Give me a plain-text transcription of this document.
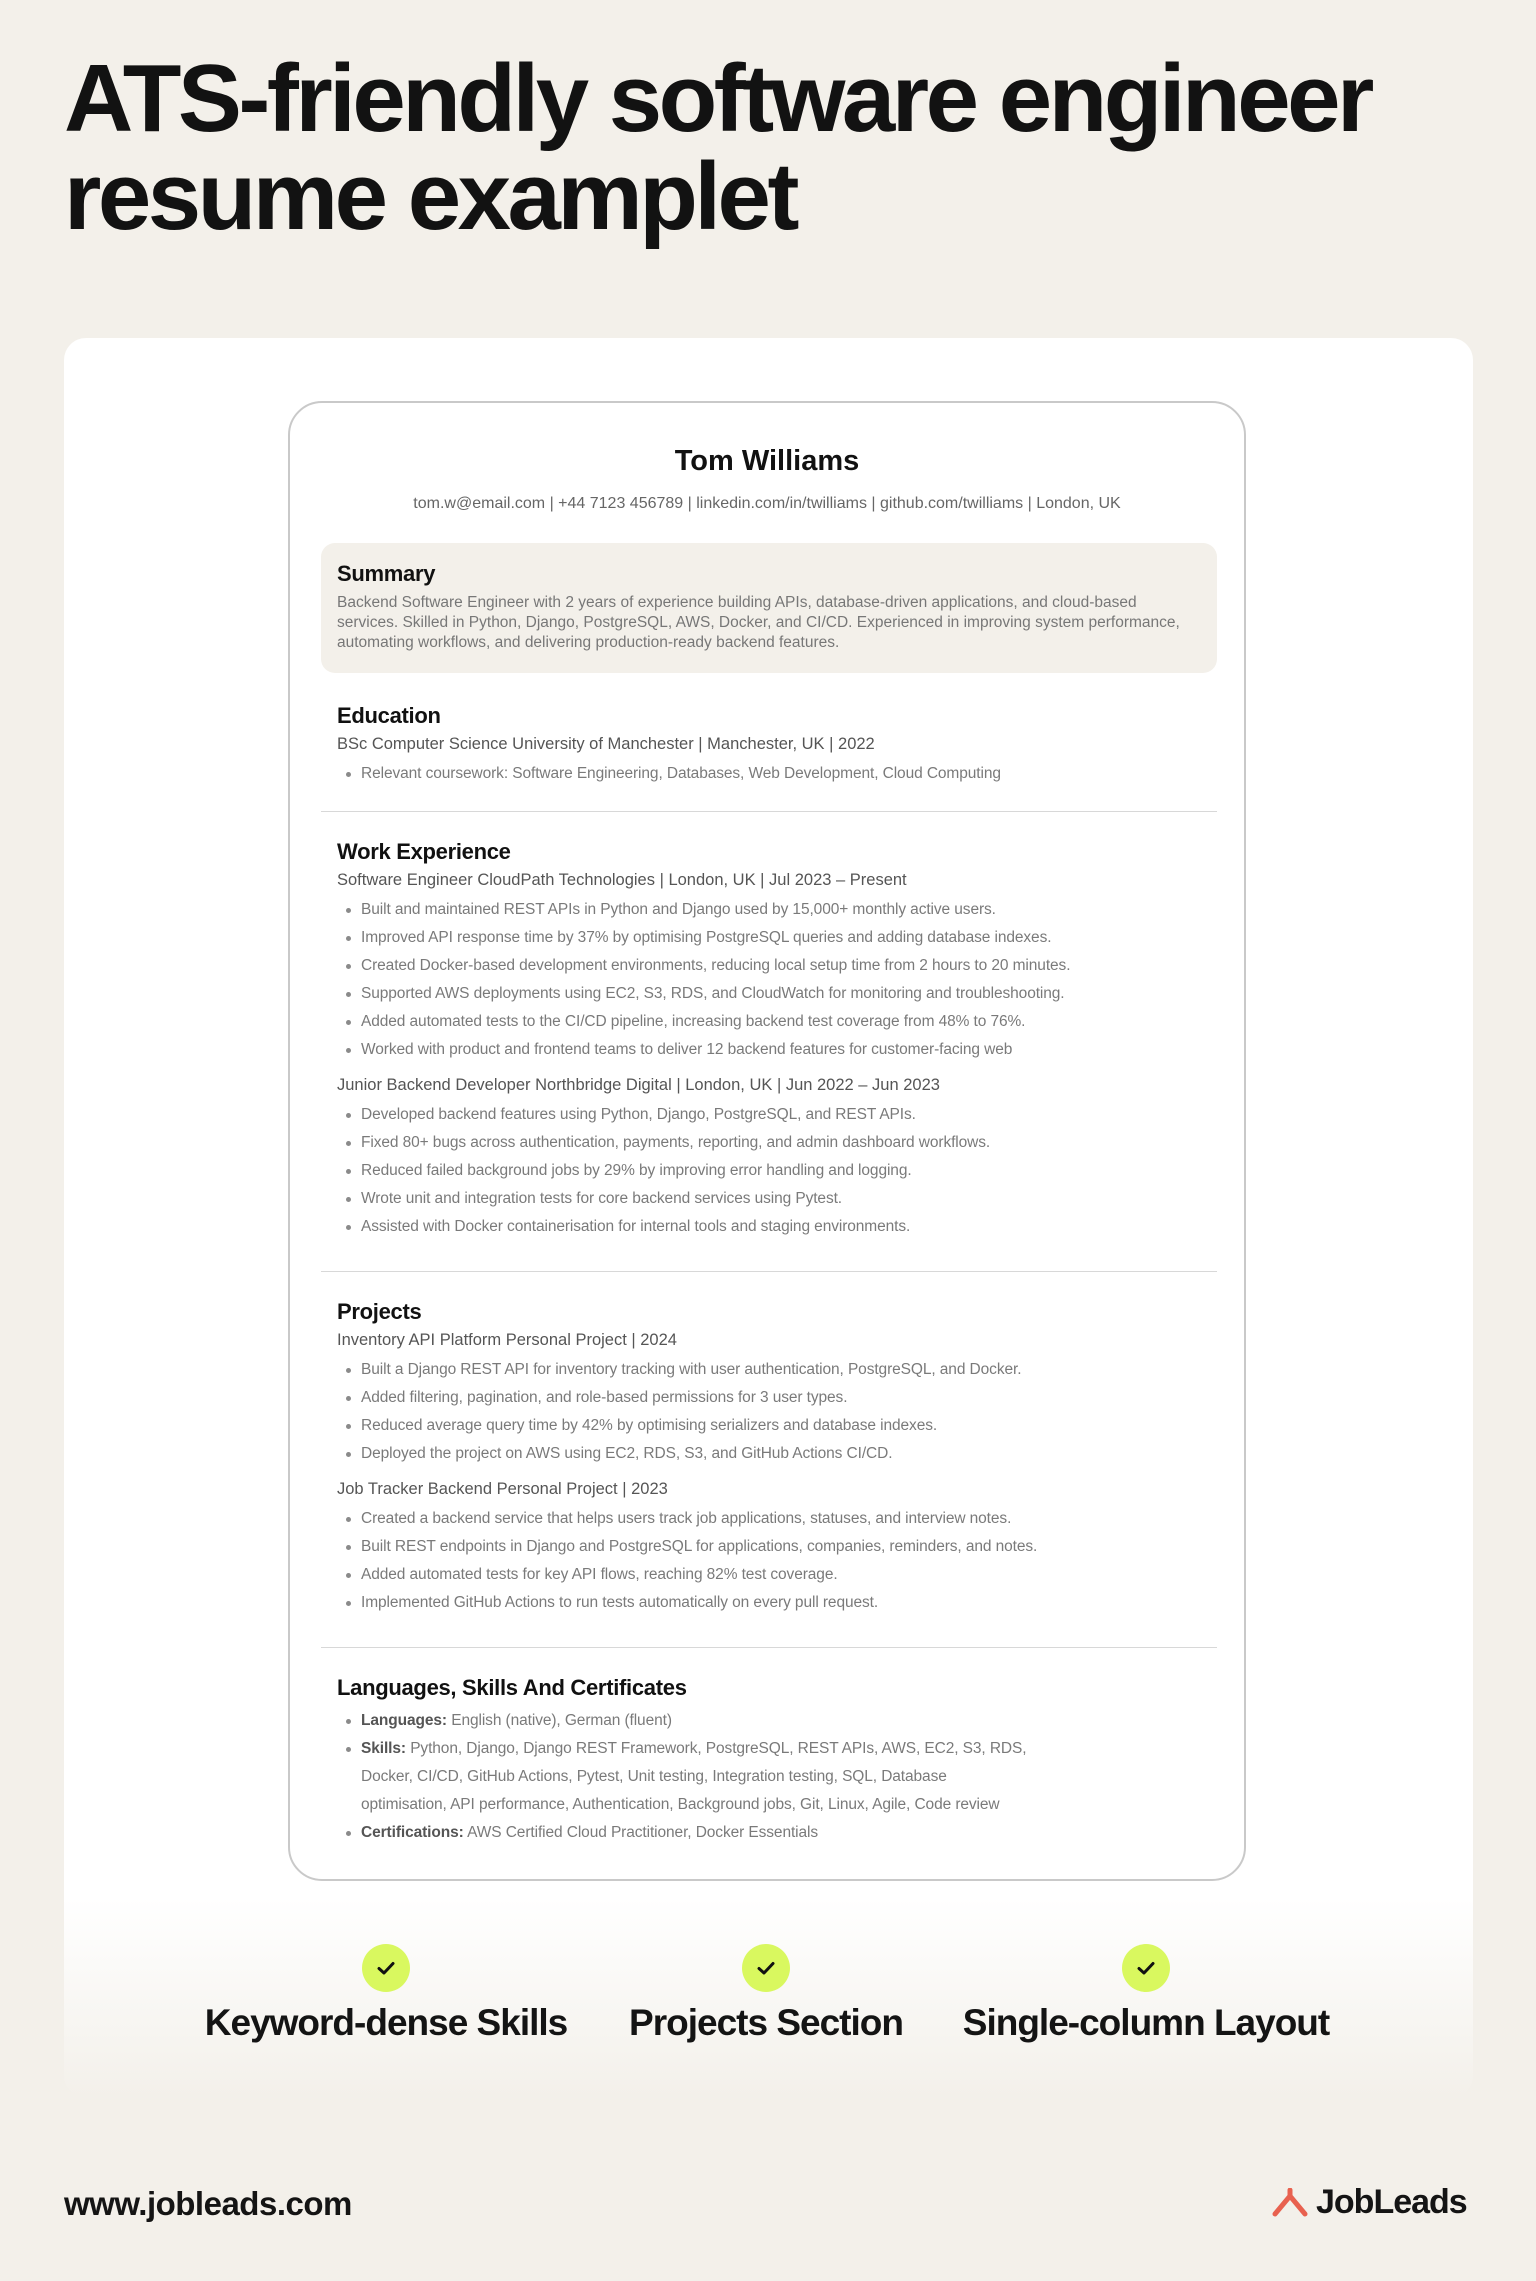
ATS-friendly software engineer
resume examplet
Tom Williams
tom.w@email.com | +44 7123 456789 | linkedin.com/in/twilliams | github.com/twilliams | London, UK
Summary

Backend Software Engineer with 2 years of experience building APIs, database-driven applications, and cloud-based services. Skilled in Python, Django, PostgreSQL, AWS, Docker, and CI/CD. Experienced in improving system performance, automating workflows, and delivering production-ready backend features.

Education
BSc Computer Science University of Manchester | Manchester, UK | 2022
Relevant coursework: Software Engineering, Databases, Web Development, Cloud Computing
Work Experience
Software Engineer CloudPath Technologies | London, UK | Jul 2023 – Present
Built and maintained REST APIs in Python and Django used by 15,000+ monthly active users.
Improved API response time by 37% by optimising PostgreSQL queries and adding database indexes.
Created Docker-based development environments, reducing local setup time from 2 hours to 20 minutes.
Supported AWS deployments using EC2, S3, RDS, and CloudWatch for monitoring and troubleshooting.
Added automated tests to the CI/CD pipeline, increasing backend test coverage from 48% to 76%.
Worked with product and frontend teams to deliver 12 backend features for customer-facing web
Junior Backend Developer Northbridge Digital | London, UK | Jun 2022 – Jun 2023
Developed backend features using Python, Django, PostgreSQL, and REST APIs.
Fixed 80+ bugs across authentication, payments, reporting, and admin dashboard workflows.
Reduced failed background jobs by 29% by improving error handling and logging.
Wrote unit and integration tests for core backend services using Pytest.
Assisted with Docker containerisation for internal tools and staging environments.
Projects
Inventory API Platform Personal Project | 2024
Built a Django REST API for inventory tracking with user authentication, PostgreSQL, and Docker.
Added filtering, pagination, and role-based permissions for 3 user types.
Reduced average query time by 42% by optimising serializers and database indexes.
Deployed the project on AWS using EC2, RDS, S3, and GitHub Actions CI/CD.
Job Tracker Backend Personal Project | 2023
Created a backend service that helps users track job applications, statuses, and interview notes.
Built REST endpoints in Django and PostgreSQL for applications, companies, reminders, and notes.
Added automated tests for key API flows, reaching 82% test coverage.
Implemented GitHub Actions to run tests automatically on every pull request.
Languages, Skills And Certificates
Languages: English (native), German (fluent)
Skills: Python, Django, Django REST Framework, PostgreSQL, REST APIs, AWS, EC2, S3, RDS,
Docker, CI/CD, GitHub Actions, Pytest, Unit testing, Integration testing, SQL, Database
optimisation, API performance, Authentication, Background jobs, Git, Linux, Agile, Code review
Certifications: AWS Certified Cloud Practitioner, Docker Essentials
Keyword-dense Skills	Projects Section	Single-column Layout
www.jobleads.com	JobLeads
